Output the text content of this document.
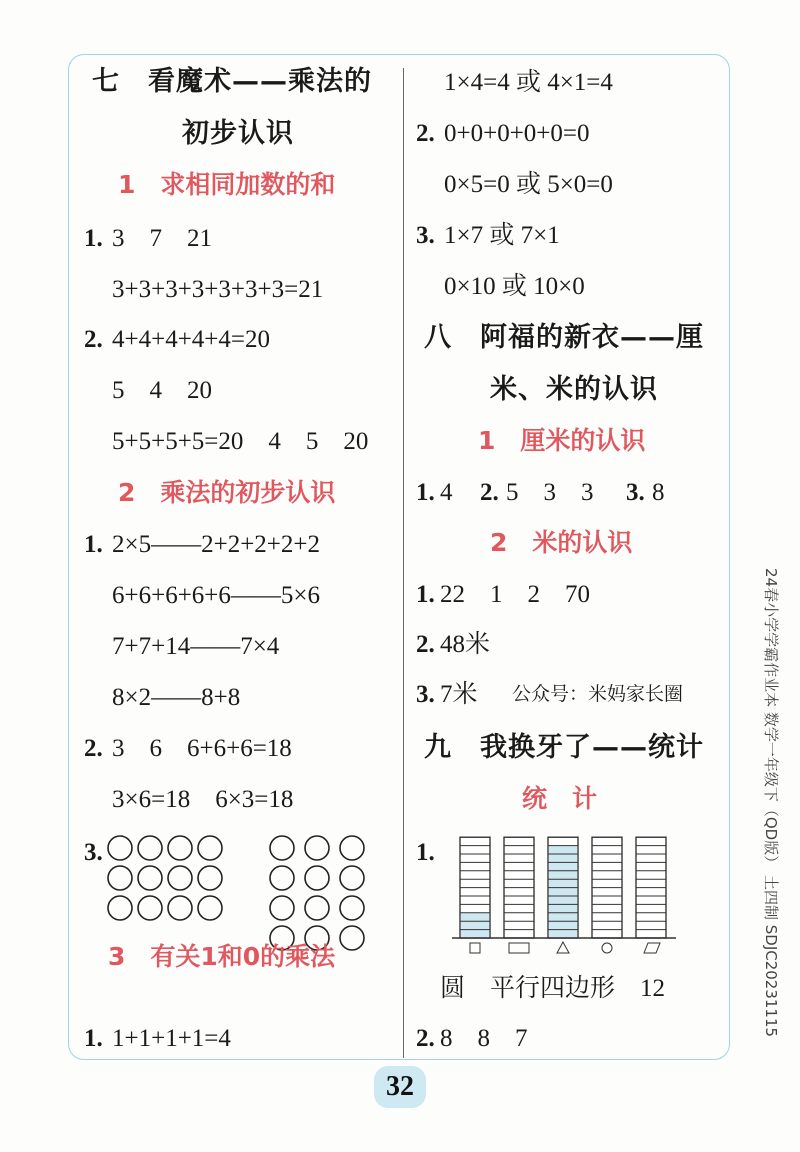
七　看魔术——乘法的
初步认识
1　求相同加数的和
1. 3　7　21
3+3+3+3+3+3+3=21
2. 4+4+4+4+4=20
5　4　20
5+5+5+5=20　4　5　20
2　乘法的初步认识
1. 2×5——2+2+2+2+2
6+6+6+6+6——5×6
7+7+14——7×4
8×2——8+8
2. 3　6　6+6+6=18
3×6=18　6×3=18
3.
3　有关1和0的乘法
1. 1+1+1+1=4
1×4=4 或 4×1=4
2. 0+0+0+0+0=0
0×5=0 或 5×0=0
3. 1×7 或 7×1
0×10 或 10×0
八　阿福的新衣——厘
米、米的认识
1　厘米的认识
1. 4 2. 5　3　3 3. 8
2　米的认识
1. 22　1　2　70
2. 48米
3. 7米 公众号：米妈家长圈
九　我换牙了——统计
统　计
1.
圆　平行四边形　12
2. 8　8　7
32
24春小学学霸作业本 数学一年级下（QD版） 土四制 SDJC20231115
